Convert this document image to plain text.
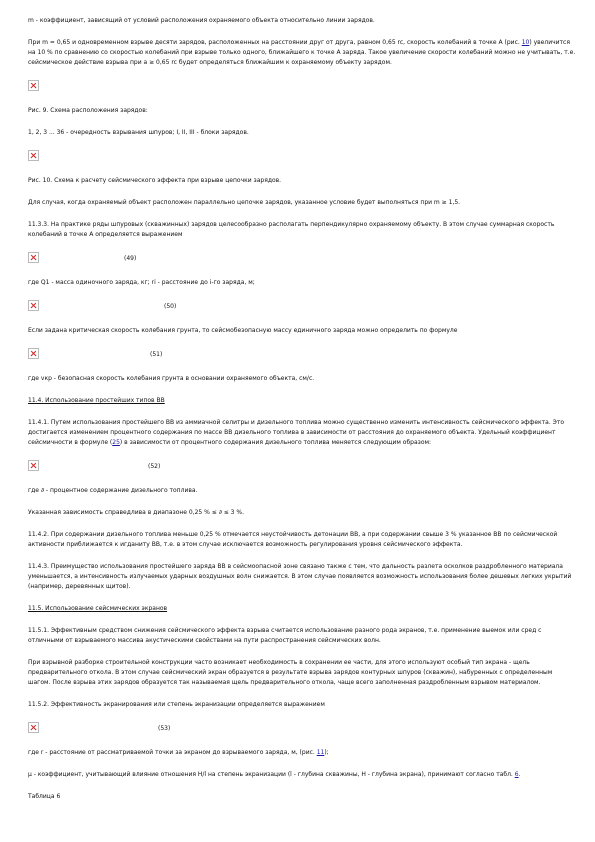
m - коэффициент, зависящий от условий расположения охраняемого объекта относительно линии зарядов.

При m = 0,65 и одновременном взрыве десяти зарядов, расположенных на расстоянии друг от друга, равном 0,65 rc, скорость колебаний в точке А (рис. 10) увеличится на 10 % по сравнению со скоростью колебаний при взрыве только одного, ближайшего к точке А заряда. Такое увеличение скорости колебаний можно не учитывать, т.е. сейсмическое действие взрыва при a ≥ 0,65 rc будет определяться ближайшим к охраняемому объекту зарядом.

Рис. 9. Схема расположения зарядов:

1, 2, 3 ... 36 - очередность взрывания шпуров; I, II, III - блоки зарядов.

Рис. 10. Схема к расчету сейсмического эффекта при взрыве цепочки зарядов.

Для случая, когда охраняемый объект расположен параллельно цепочке зарядов, указанное условие будет выполняться при m ≥ 1,5.

11.3.3. На практике ряды шпуровых (скважинных) зарядов целесообразно располагать перпендикулярно охраняемому объекту. В этом случае суммарная скорость колебаний в точке А определяется выражением

(49)

где Q1 - масса одиночного заряда, кг; ri - расстояние до i-го заряда, м;

(50)

Если задана критическая скорость колебания грунта, то сейсмобезопасную массу единичного заряда можно определить по формуле

(51)

где vкр - безопасная скорость колебания грунта в основании охраняемого объекта, см/с.

11.4. Использование простейших типов ВВ

11.4.1. Путем использования простейшего ВВ из аммиачной селитры и дизельного топлива можно существенно изменить интенсивность сейсмического эффекта. Это достигается изменением процентного содержания по массе ВВ дизельного топлива в зависимости от расстояния до охраняемого объекта. Удельный коэффициент сейсмичности в формуле (25) в зависимости от процентного содержания дизельного топлива меняется следующим образом:

(52)

где ∂ - процентное содержание дизельного топлива.

Указанная зависимость справедлива в диапазоне 0,25 % ≤ ∂ ≤ 3 %.

11.4.2. При содержании дизельного топлива меньше 0,25 % отмечается неустойчивость детонации ВВ, а при содержании свыше 3 % указанное ВВ по сейсмической активности приближается к игданиту ВВ, т.е. в этом случае исключается возможность регулирования уровня сейсмического эффекта.

11.4.3. Преимущество использования простейшего заряда ВВ в сейсмоопасной зоне связано также с тем, что дальность разлета осколков раздробленного материала уменьшается, а интенсивность излучаемых ударных воздушных волн снижается. В этом случае появляется возможность использования более дешевых легких укрытий (например, деревянных щитов).

11.5. Использование сейсмических экранов

11.5.1. Эффективным средством снижения сейсмического эффекта взрыва считается использование разного рода экранов, т.е. применение выемок или сред с отличными от взрываемого массива акустическими свойствами на пути распространения сейсмических волн.

При взрывной разборке строительной конструкции часто возникает необходимость в сохранении ее части, для этого используют особый тип экрана - щель предварительного откола. В этом случае сейсмический экран образуется в результате взрыва зарядов контурных шпуров (скважин), набуренных с определенным шагом. После взрыва этих зарядов образуется так называемая щель предварительного откола, чаще всего заполненная раздробленным взрывом материалом.

11.5.2. Эффективность экранирования или степень экранизации определяется выражением

(53)

где r - расстояние от рассматриваемой точки за экраном до взрываемого заряда, м, (рис. 11);

μ - коэффициент, учитывающий влияние отношения H/l на степень экранизации (l - глубина скважины, H - глубина экрана), принимают согласно табл. 6.

Таблица 6
